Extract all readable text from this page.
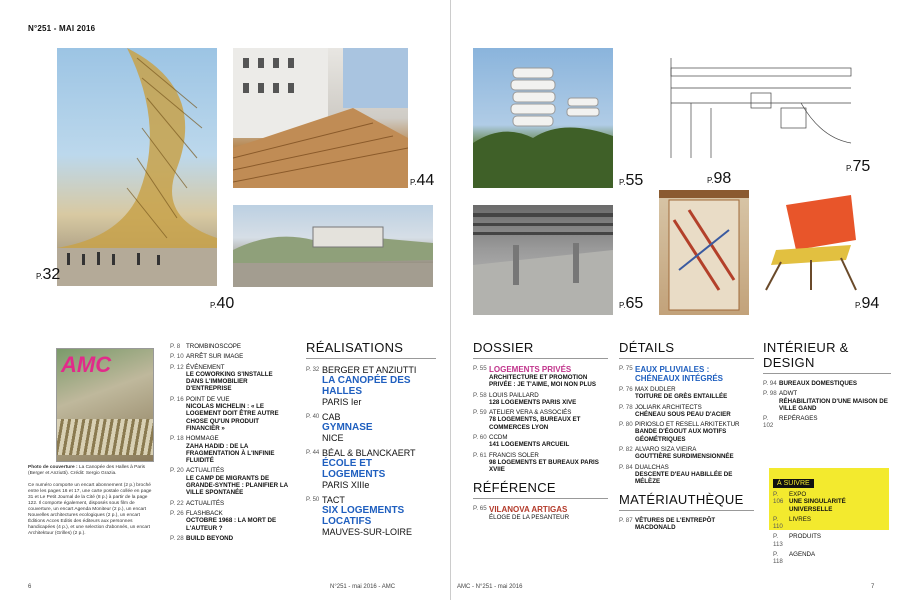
N°251 - MAI 2016
P.32
P.44
P.40
AMC
Photo de couverture : La Canopée des Halles à Paris (Berger et Anziutti). Crédit: Sergio Grazia.

Ce numéro comporte un encart abonnement (2 p.) broché entre les pages 16 et 17, une carte postale collée en page 31 et Le Petit Journal de la Cité (8 p.) à partir de la page 122. Il comporte également, disposés sous film de couverture, un encart Agenda Moniteur (2 p.), un encart Nouvelles architectures ecologiques (2 p.), un encart Éditions Acces Editis des éditeurs aux personnes handicapées (4 p.), et une selection d'abonnés, un encart Architektuur (Grilles) (2 p.).
P. 8 TROMBINOSCOPE
P. 10 ARRÊT SUR IMAGE
P. 12 ÉVÉNEMENT
LE COWORKING S'INSTALLE DANS L'IMMOBILIER D'ENTREPRISE
P. 16 POINT DE VUE
NICOLAS MICHELIN : « LE LOGEMENT DOIT ÊTRE AUTRE CHOSE QU'UN PRODUIT FINANCIER »
P. 18 HOMMAGE
ZAHA HADID : DE LA FRAGMENTATION À L'INFINIE FLUIDITÉ
P. 20 ACTUALITÉS
LE CAMP DE MIGRANTS DE GRANDE-SYNTHE : PLANIFIER LA VILLE SPONTANÉE
P. 22 ACTUALITÉS
P. 26 FLASHBACK
OCTOBRE 1968 : LA MORT DE L'AUTEUR ?
P. 28 BUILD BEYOND
RÉALISATIONS
P. 32 BERGER ET ANZIUTTI
LA CANOPÉE DES HALLES
PARIS Ier
P. 40 CAB
GYMNASE
NICE
P. 44 BÉAL & BLANCKAERT
ÉCOLE ET LOGEMENTS
PARIS XIIIe
P. 50 TACT
SIX LOGEMENTS LOCATIFS
MAUVES-SUR-LOIRE
6	N°251 - mai 2016 - AMC
P.55
P.75
P.65
P.98
P.94
DOSSIER
P. 55 LOGEMENTS PRIVÉS
ARCHITECTURE ET PROMOTION PRIVÉE : JE T'AIME, MOI NON PLUS
P. 58 LOUIS PAILLARD
128 LOGEMENTS PARIS XIVE
P. 59 ATELIER VERA & ASSOCIÉS
78 LOGEMENTS, BUREAUX ET COMMERCES LYON
P. 60 CCDM
141 LOGEMENTS ARCUEIL
P. 61 FRANCIS SOLER
98 LOGEMENTS ET BUREAUX PARIS XVIIE
RÉFÉRENCE
P. 65 VILANOVA ARTIGAS
ÉLOGE DE LA PESANTEUR
DÉTAILS
P. 75 EAUX PLUVIALES : CHÉNEAUX INTÉGRÉS
P. 76 MAX DUDLER
TOITURE DE GRÈS ENTAILLÉE
P. 78 JOLIARK ARCHITECTS
CHÉNEAU SOUS PEAU D'ACIER
P. 80 PIRIOSLO ET RESELL ARKITEKTUR
BANDE D'ÉGOUT AUX MOTIFS GÉOMÉTRIQUES
P. 82 ALVARO SIZA VIEIRA
GOUTTIÈRE SURDIMENSIONNÉE
P. 84 DUALCHAS
DESCENTE D'EAU HABILLÉE DE MÉLÈZE
MATÉRIAUTHÈQUE
P. 87 VÊTURES DE L'ENTREPÔT MACDONALD
INTÉRIEUR & DESIGN
P. 94 BUREAUX DOMESTIQUES
P. 98 ADWT
RÉHABILITATION D'UNE MAISON DE VILLE GAND
P. 102
REPÉRAGES
À SUIVRE
P. 106
EXPO
UNE SINGULARITÉ UNIVERSELLE
P. 110
LIVRES
P. 113
PRODUITS
P. 118
AGENDA
AMC - N°251 - mai 2016	7
